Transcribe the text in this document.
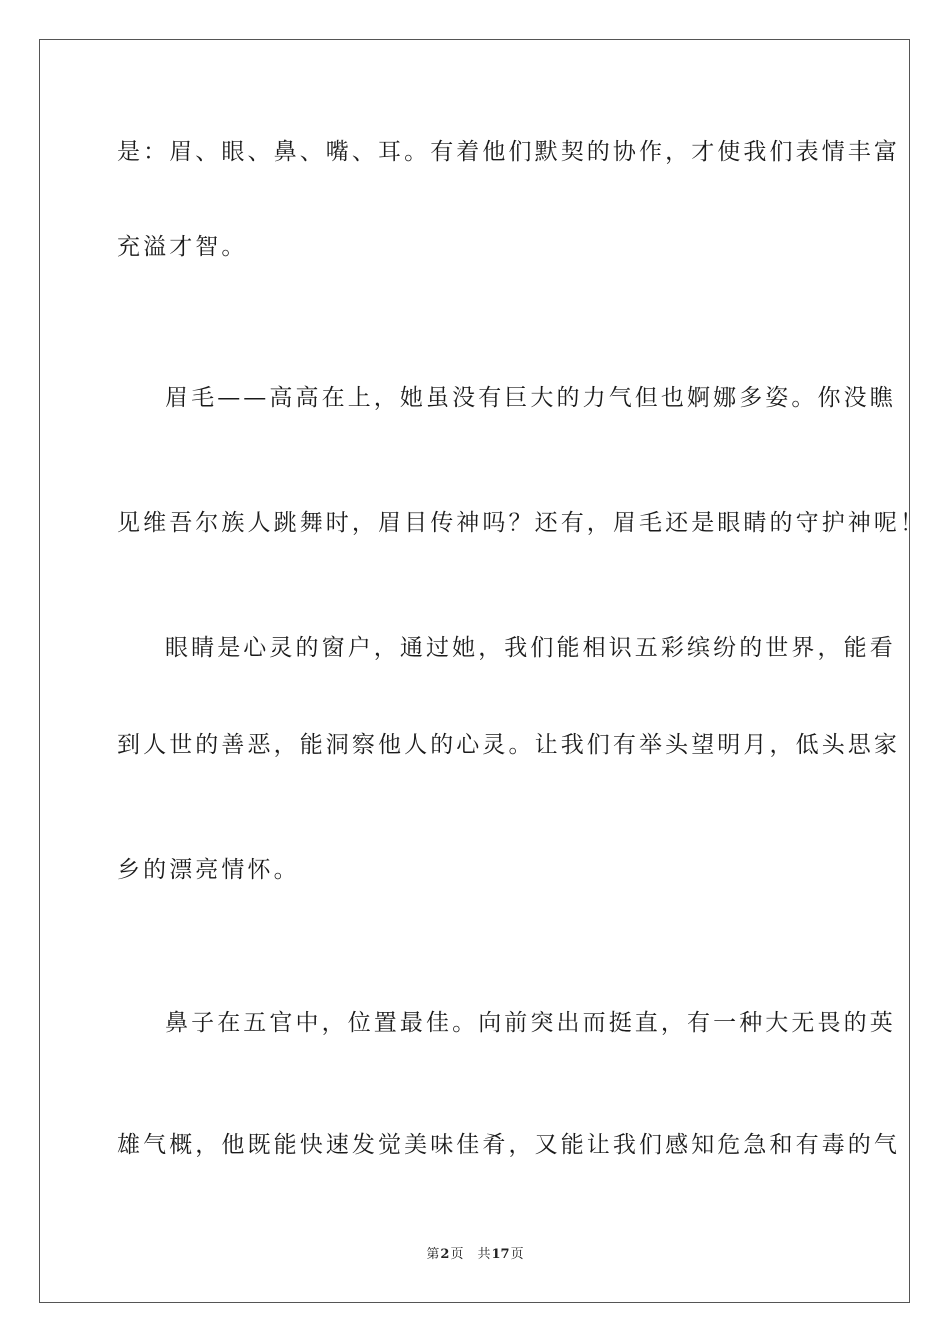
是：眉、眼、鼻、嘴、耳。有着他们默契的协作，才使我们表情丰富
充溢才智。
眉毛——高高在上，她虽没有巨大的力气但也婀娜多姿。你没瞧
见维吾尔族人跳舞时，眉目传神吗？还有，眉毛还是眼睛的守护神呢！
眼睛是心灵的窗户，通过她，我们能相识五彩缤纷的世界，能看
到人世的善恶，能洞察他人的心灵。让我们有举头望明月，低头思家
乡的漂亮情怀。
鼻子在五官中，位置最佳。向前突出而挺直，有一种大无畏的英
雄气概，他既能快速发觉美味佳肴，又能让我们感知危急和有毒的气
第2页 共17页
